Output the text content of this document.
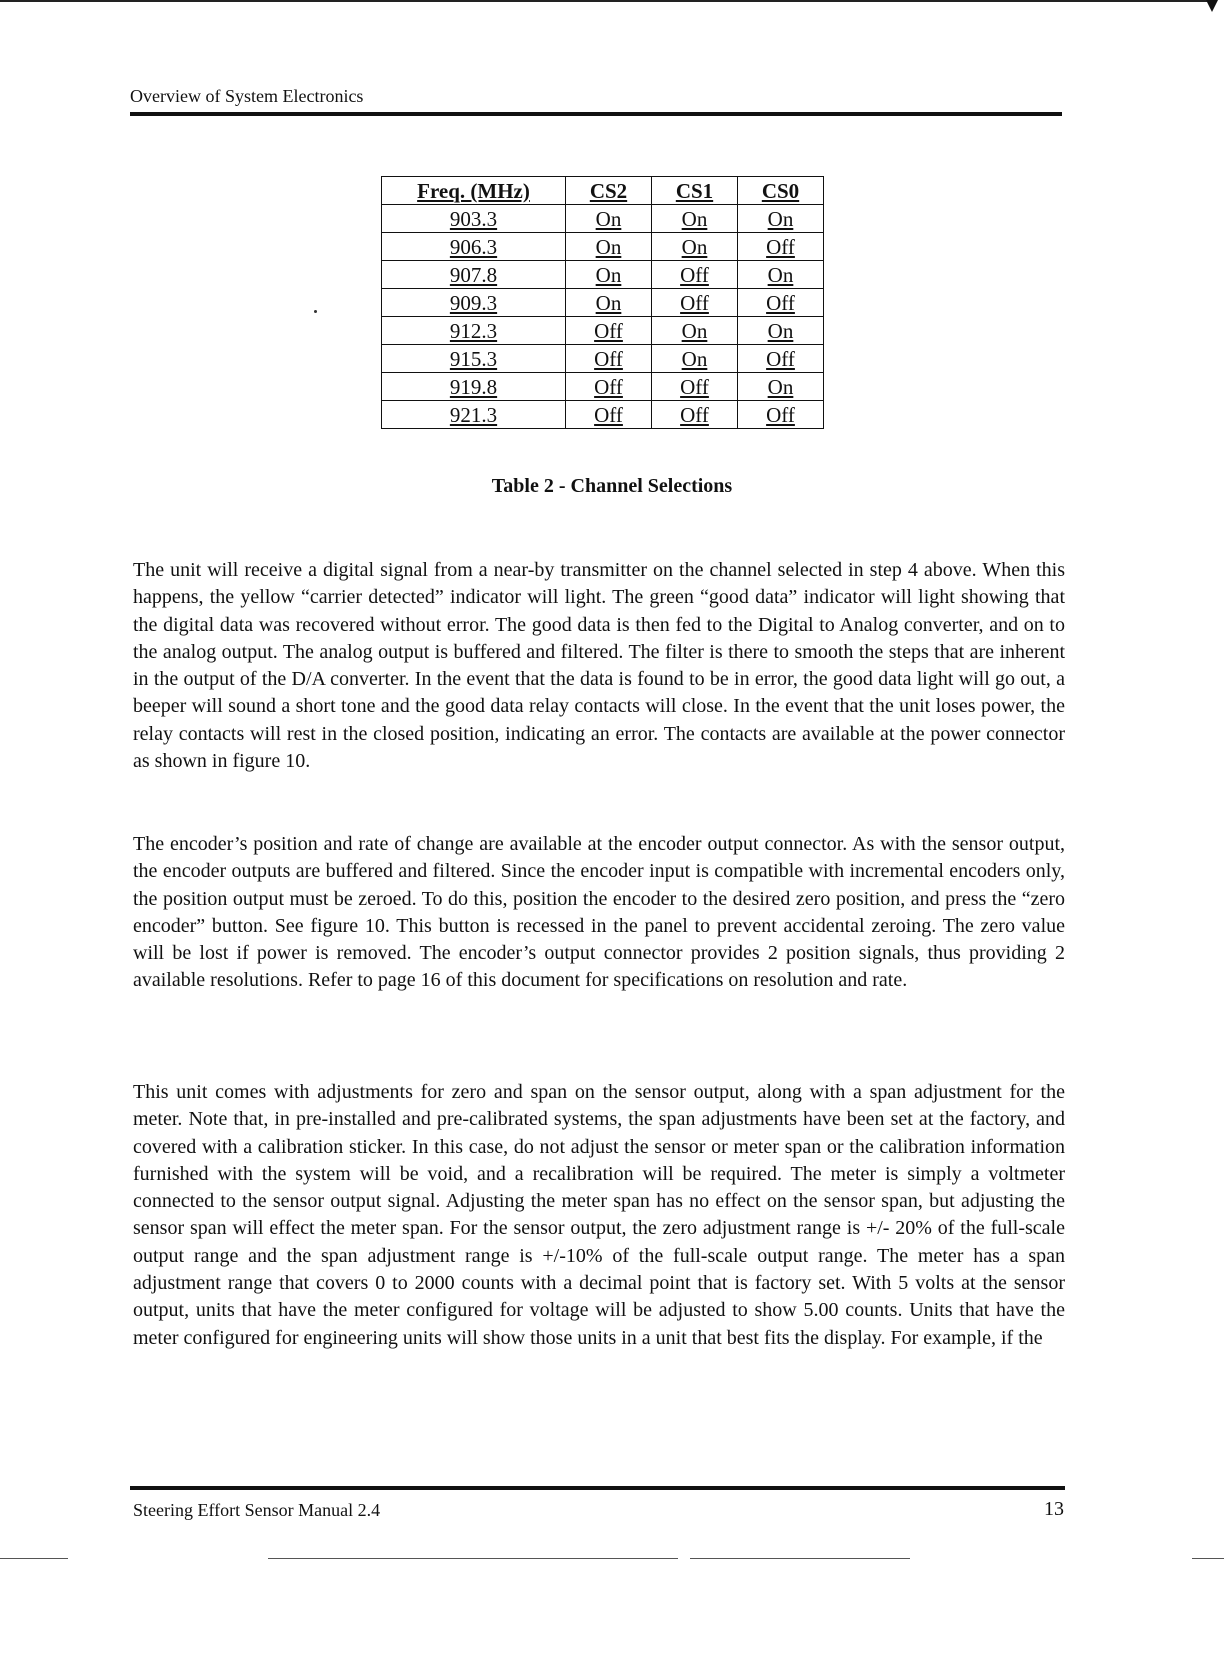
Overview of System Electronics
Freq. (MHz)	CS2	CS1	CS0
903.3	On	On	On
906.3	On	On	Off
907.8	On	Off	On
909.3	On	Off	Off
912.3	Off	On	On
915.3	Off	On	Off
919.8	Off	Off	On
921.3	Off	Off	Off
Table 2 - Channel Selections

The unit will receive a digital signal from a near-by transmitter on the channel selected in step 4 above. When this happens, the yellow “carrier detected” indicator will light. The green “good data” indicator will light showing that the digital data was recovered without error. The good data is then fed to the Digital to Analog converter, and on to the analog output. The analog output is buffered and filtered. The filter is there to smooth the steps that are inherent in the output of the D/A converter. In the event that the data is found to be in error, the good data light will go out, a beeper will sound a short tone and the good data relay contacts will close. In the event that the unit loses power, the relay contacts will rest in the closed position, indicating an error. The contacts are available at the power connector as shown in figure 10.

The encoder’s position and rate of change are available at the encoder output connector. As with the sensor output, the encoder outputs are buffered and filtered. Since the encoder input is compatible with incremental encoders only, the position output must be zeroed. To do this, position the encoder to the desired zero position, and press the “zero encoder” button. See figure 10. This button is recessed in the panel to prevent accidental zeroing. The zero value will be lost if power is removed. The encoder’s output connector provides 2 position signals, thus providing 2 available resolutions. Refer to page 16 of this document for specifications on resolution and rate.

This unit comes with adjustments for zero and span on the sensor output, along with a span adjustment for the meter. Note that, in pre-installed and pre-calibrated systems, the span adjustments have been set at the factory, and covered with a calibration sticker. In this case, do not adjust the sensor or meter span or the calibration information furnished with the system will be void, and a recalibration will be required. The meter is simply a voltmeter connected to the sensor output signal. Adjusting the meter span has no effect on the sensor span, but adjusting the sensor span will effect the meter span. For the sensor output, the zero adjustment range is +/- 20% of the full-scale output range and the span adjustment range is +/-10% of the full-scale output range. The meter has a span adjustment range that covers 0 to 2000 counts with a decimal point that is factory set. With 5 volts at the sensor output, units that have the meter configured for voltage will be adjusted to show 5.00 counts. Units that have the meter configured for engineering units will show those units in a unit that best fits the display. For example, if the

Steering Effort Sensor Manual 2.4	13
